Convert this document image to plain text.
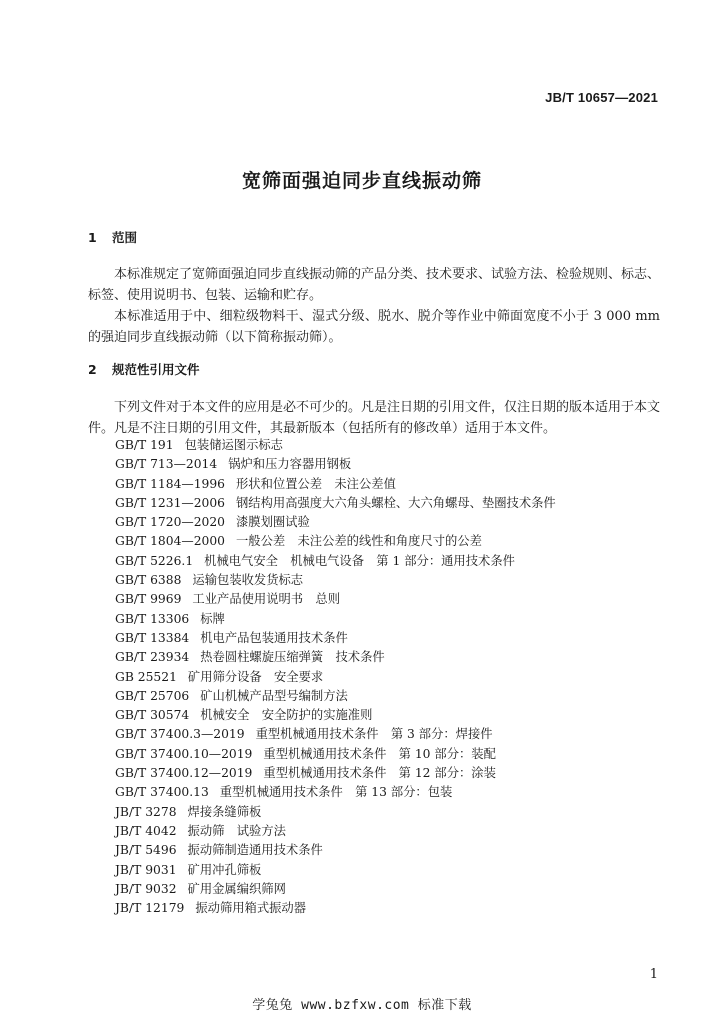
JB/T 10657—2021
宽筛面强迫同步直线振动筛
1 范围
本标准规定了宽筛面强迫同步直线振动筛的产品分类、技术要求、试验方法、检验规则、标志、标签、使用说明书、包装、运输和贮存。
本标准适用于中、细粒级物料干、湿式分级、脱水、脱介等作业中筛面宽度不小于 3 000 mm 的强迫同步直线振动筛（以下简称振动筛）。
2 规范性引用文件
下列文件对于本文件的应用是必不可少的。凡是注日期的引用文件，仅注日期的版本适用于本文件。凡是不注日期的引用文件，其最新版本（包括所有的修改单）适用于本文件。
GB/T 191 包装储运图示标志
GB/T 713—2014 锅炉和压力容器用钢板
GB/T 1184—1996 形状和位置公差　未注公差值
GB/T 1231—2006 钢结构用高强度大六角头螺栓、大六角螺母、垫圈技术条件
GB/T 1720—2020 漆膜划圈试验
GB/T 1804—2000 一般公差　未注公差的线性和角度尺寸的公差
GB/T 5226.1 机械电气安全　机械电气设备　第 1 部分：通用技术条件
GB/T 6388 运输包装收发货标志
GB/T 9969 工业产品使用说明书　总则
GB/T 13306 标牌
GB/T 13384 机电产品包装通用技术条件
GB/T 23934 热卷圆柱螺旋压缩弹簧　技术条件
GB 25521 矿用筛分设备　安全要求
GB/T 25706 矿山机械产品型号编制方法
GB/T 30574 机械安全　安全防护的实施准则
GB/T 37400.3—2019 重型机械通用技术条件　第 3 部分：焊接件
GB/T 37400.10—2019 重型机械通用技术条件　第 10 部分：装配
GB/T 37400.12—2019 重型机械通用技术条件　第 12 部分：涂装
GB/T 37400.13 重型机械通用技术条件　第 13 部分：包装
JB/T 3278 焊接条缝筛板
JB/T 4042 振动筛　试验方法
JB/T 5496 振动筛制造通用技术条件
JB/T 9031 矿用冲孔筛板
JB/T 9032 矿用金属编织筛网
JB/T 12179 振动筛用箱式振动器
1
学兔兔 www.bzfxw.com 标准下载
